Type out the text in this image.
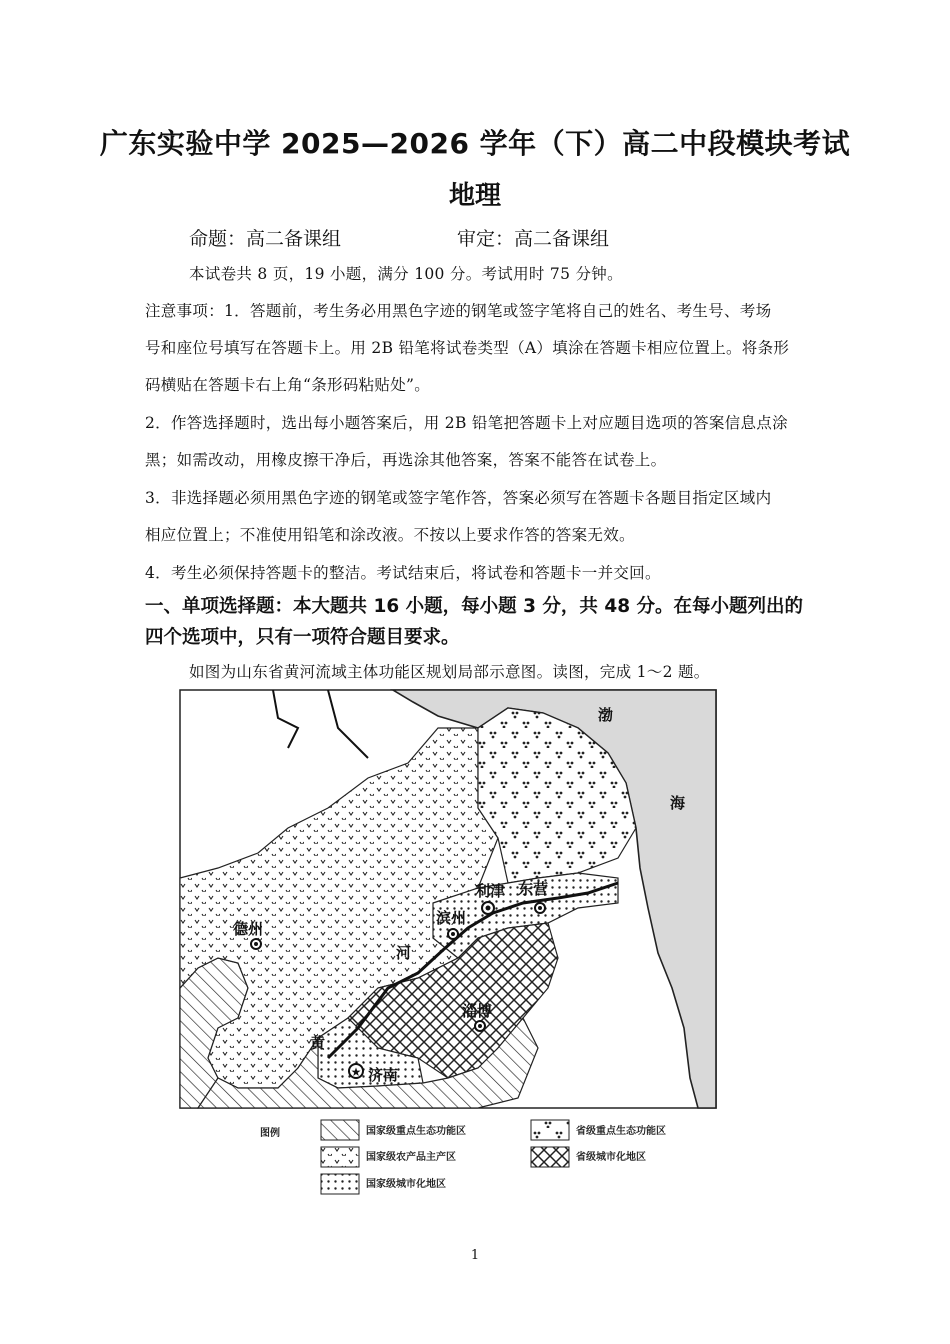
广东实验中学 2025—2026 学年（下）高二中段模块考试
地理
命题：高二备课组	审定：高二备课组
本试卷共 8 页，19 小题，满分 100 分。考试用时 75 分钟。
注意事项：1．答题前，考生务必用黑色字迹的钢笔或签字笔将自己的姓名、考生号、考场
号和座位号填写在答题卡上。用 2B 铅笔将试卷类型（A）填涂在答题卡相应位置上。将条形
码横贴在答题卡右上角“条形码粘贴处”。
2．作答选择题时，选出每小题答案后，用 2B 铅笔把答题卡上对应题目选项的答案信息点涂
黑；如需改动，用橡皮擦干净后，再选涂其他答案，答案不能答在试卷上。
3．非选择题必须用黑色字迹的钢笔或签字笔作答，答案必须写在答题卡各题目指定区域内
相应位置上；不准使用铅笔和涂改液。不按以上要求作答的答案无效。
4．考生必须保持答题卡的整洁。考试结束后，将试卷和答题卡一并交回。
一、单项选择题：本大题共 16 小题，每小题 3 分，共 48 分。在每小题列出的
四个选项中，只有一项符合题目要求。
如图为山东省黄河流域主体功能区规划局部示意图。读图，完成 1～2 题。
德州
滨州
利津 东营
淄博
★ 济南
河
黄
渤
海
图例	国家级重点生态功能区
国家级农产品主产区
国家级城市化地区
省级重点生态功能区
省级城市化地区
1
